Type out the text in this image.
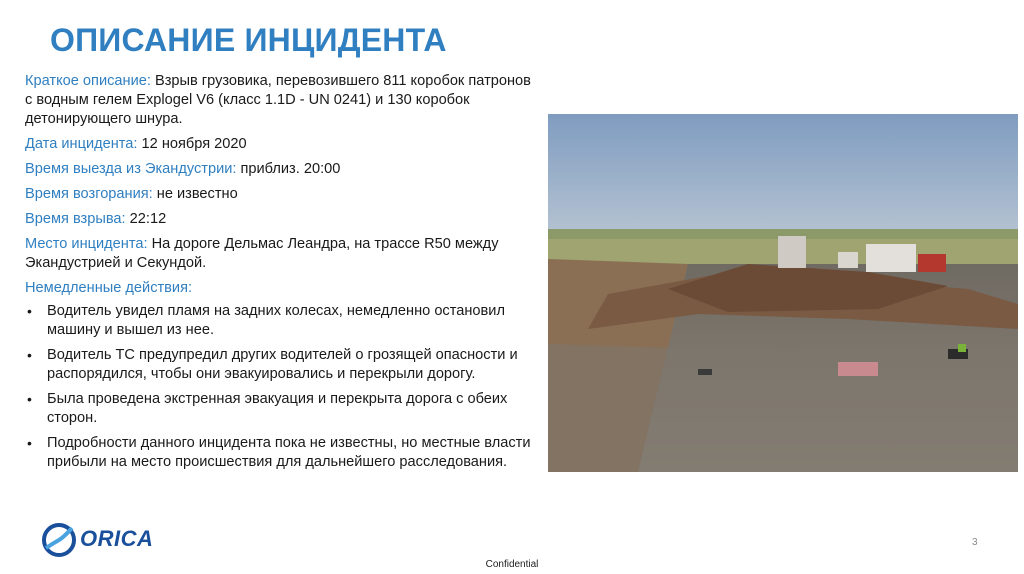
ОПИСАНИЕ ИНЦИДЕНТА

Краткое описание: Взрыв грузовика, перевозившего 811 коробок патронов с водным гелем Explogel V6 (класс 1.1D - UN 0241) и 130 коробок детонирующего шнура.

Дата инцидента: 12 ноября 2020

Время выезда из Экандустрии: приблиз. 20:00

Время возгорания: не известно

Время взрыва: 22:12

Место инцидента: На дороге Дельмас Леандра, на трассе R50 между Экандустрией и Секундой.

Немедленные действия:

• Водитель увидел пламя на задних колесах, немедленно остановил машину и вышел из нее.
• Водитель ТС предупредил других водителей о грозящей опасности и распорядился, чтобы они эвакуировались и перекрыли дорогу.
• Была проведена экстренная эвакуация и перекрыта дорога с обеих сторон.
• Подробности данного инцидента пока не известны, но местные власти прибыли на место происшествия для дальнейшего расследования.
ORICA	3
Confidential
